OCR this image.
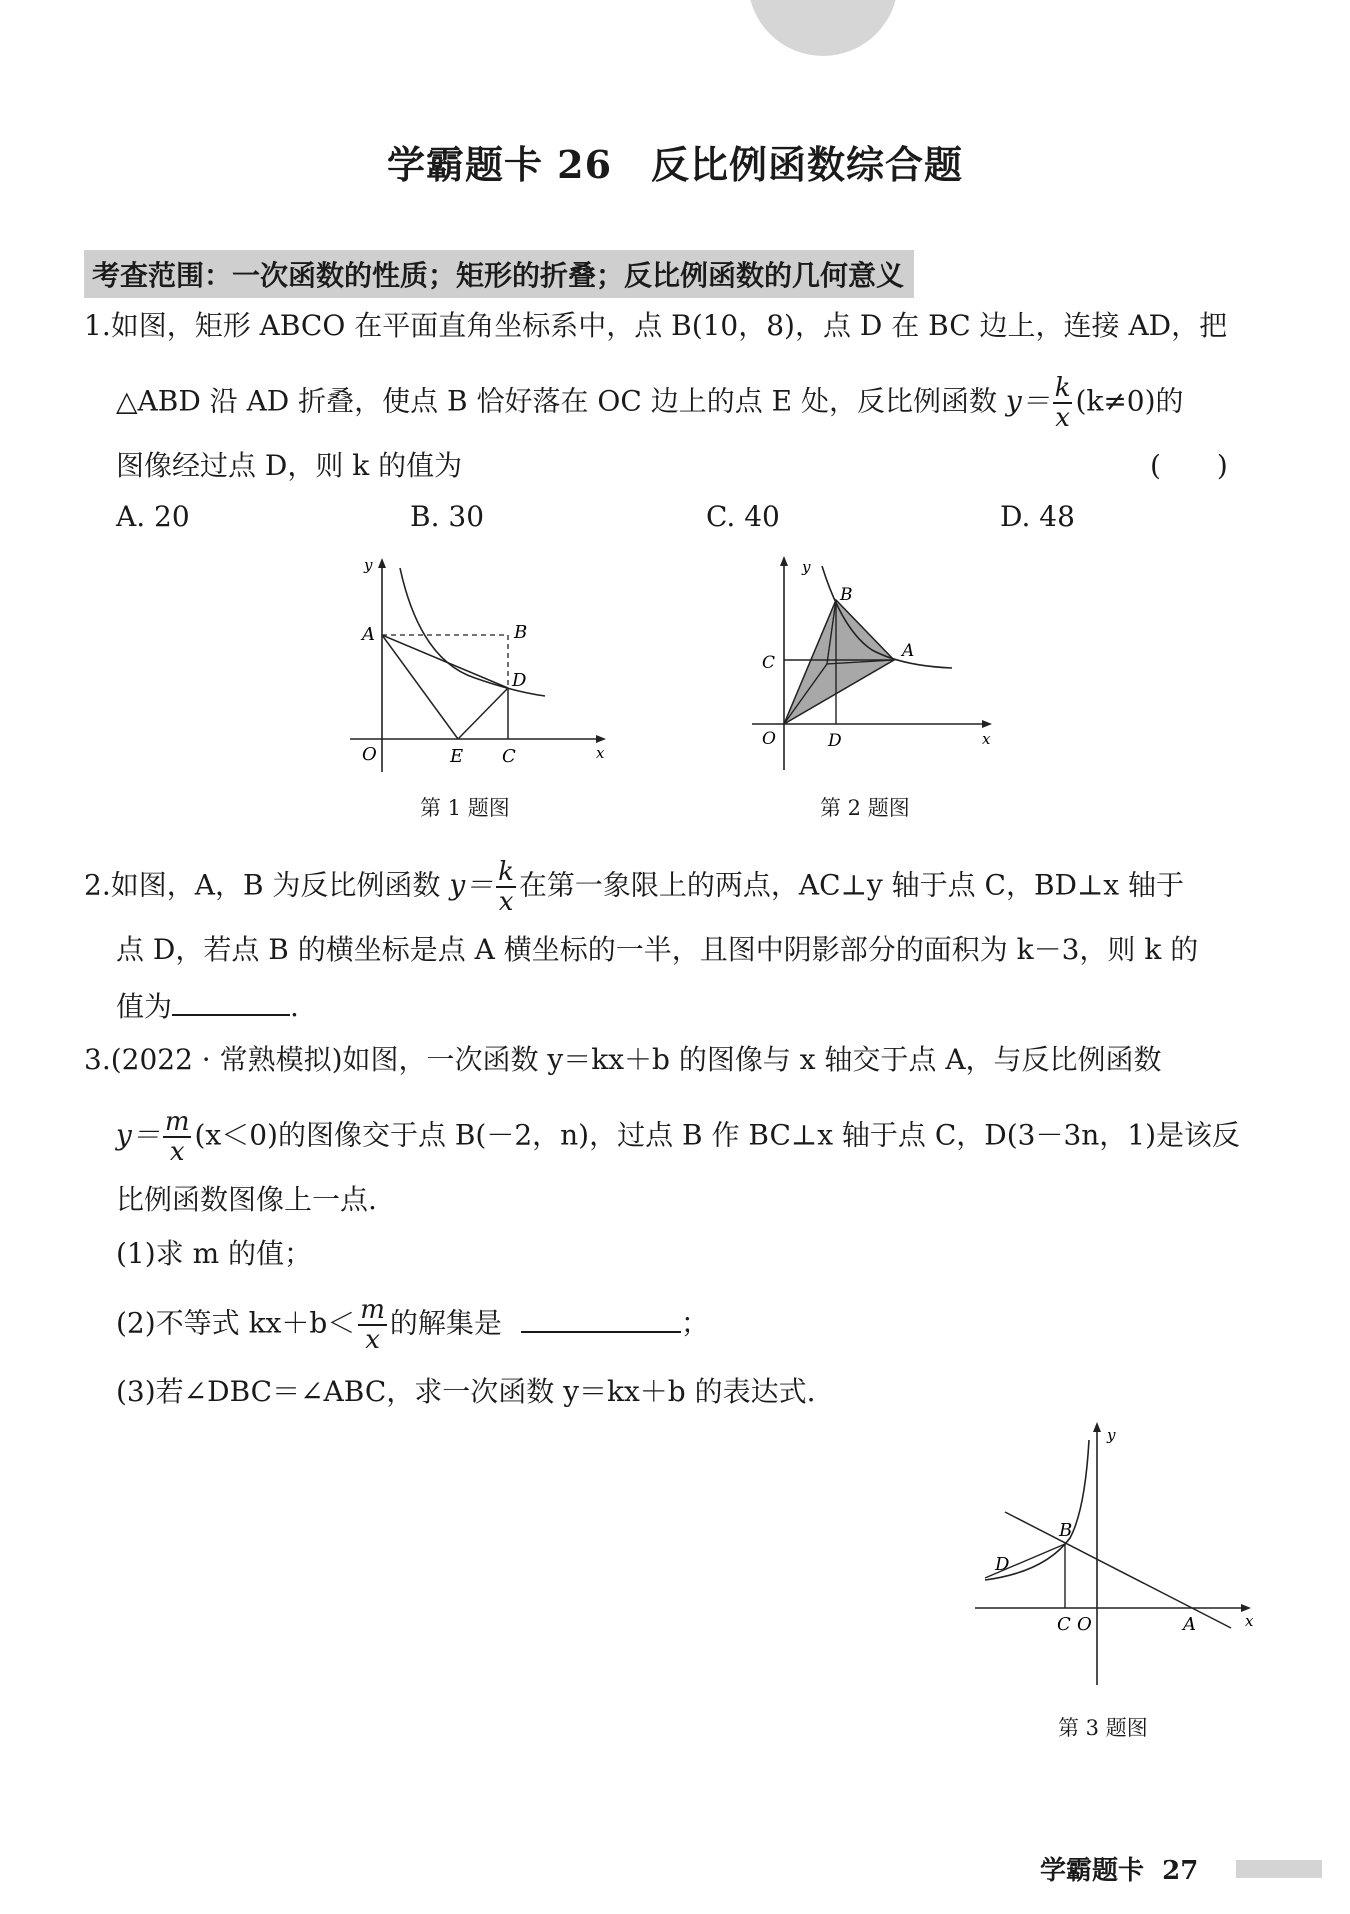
学霸题卡 26　反比例函数综合题
考查范围：一次函数的性质；矩形的折叠；反比例函数的几何意义
1.如图，矩形 ABCO 在平面直角坐标系中，点 B(10，8)，点 D 在 BC 边上，连接 AD，把
△ABD 沿 AD 折叠，使点 B 恰好落在 OC 边上的点 E 处，反比例函数 $y= \frac{k}{x} (k\ne 0)$的
图像经过点 D，则 k 的值为	(　　)
A. 20	B. 30	C. 40	D. 48
y
x
A	B
D
O	E C
第 1 题图
y
x
B
A
C
O	D
第 2 题图
2.如图，A，B 为反比例函数 $y= \frac{k}{x}$ 在第一象限上的两点，AC⊥y 轴于点 C，BD⊥x 轴于
点 D，若点 B 的横坐标是点 A 横坐标的一半，且图中阴影部分的面积为 k－3，则 k 的
值为	.
3.(2022 · 常熟模拟)如图，一次函数 y＝kx＋b 的图像与 x 轴交于点 A，与反比例函数
$y= \frac{m}{x} (x<0)$的图像交于点 B(－2，n)，过点 B 作 BC⊥x 轴于点 C，D(3－3n，1)是该反
比例函数图像上一点.
(1)求 m 的值；
(2)不等式 $kx+b< \frac{m}{x}$ 的解集是	；
(3)若∠DBC＝∠ABC，求一次函数 y＝kx＋b 的表达式.
y
x
B
D
C O	A
第 3 题图
学霸题卡 27
